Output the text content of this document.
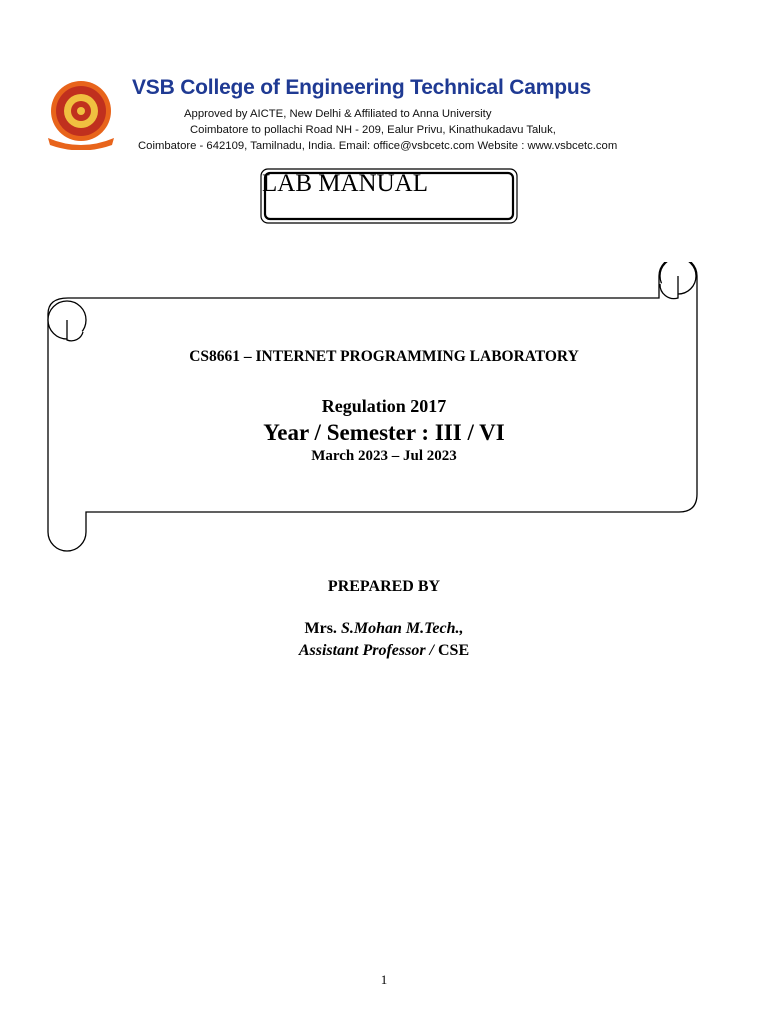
VSB College of Engineering Technical Campus
Approved by AICTE, New Delhi & Affiliated to Anna University
Coimbatore to pollachi Road NH - 209, Ealur Privu, Kinathukadavu Taluk,
Coimbatore - 642109, Tamilnadu, India. Email: office@vsbcetc.com Website : www.vsbcetc.com
LAB MANUAL
CS8661 – INTERNET PROGRAMMING LABORATORY
Regulation 2017
Year / Semester : III / VI
March 2023 – Jul 2023
PREPARED BY
Mrs. S.Mohan M.Tech.,
Assistant Professor / CSE
1
